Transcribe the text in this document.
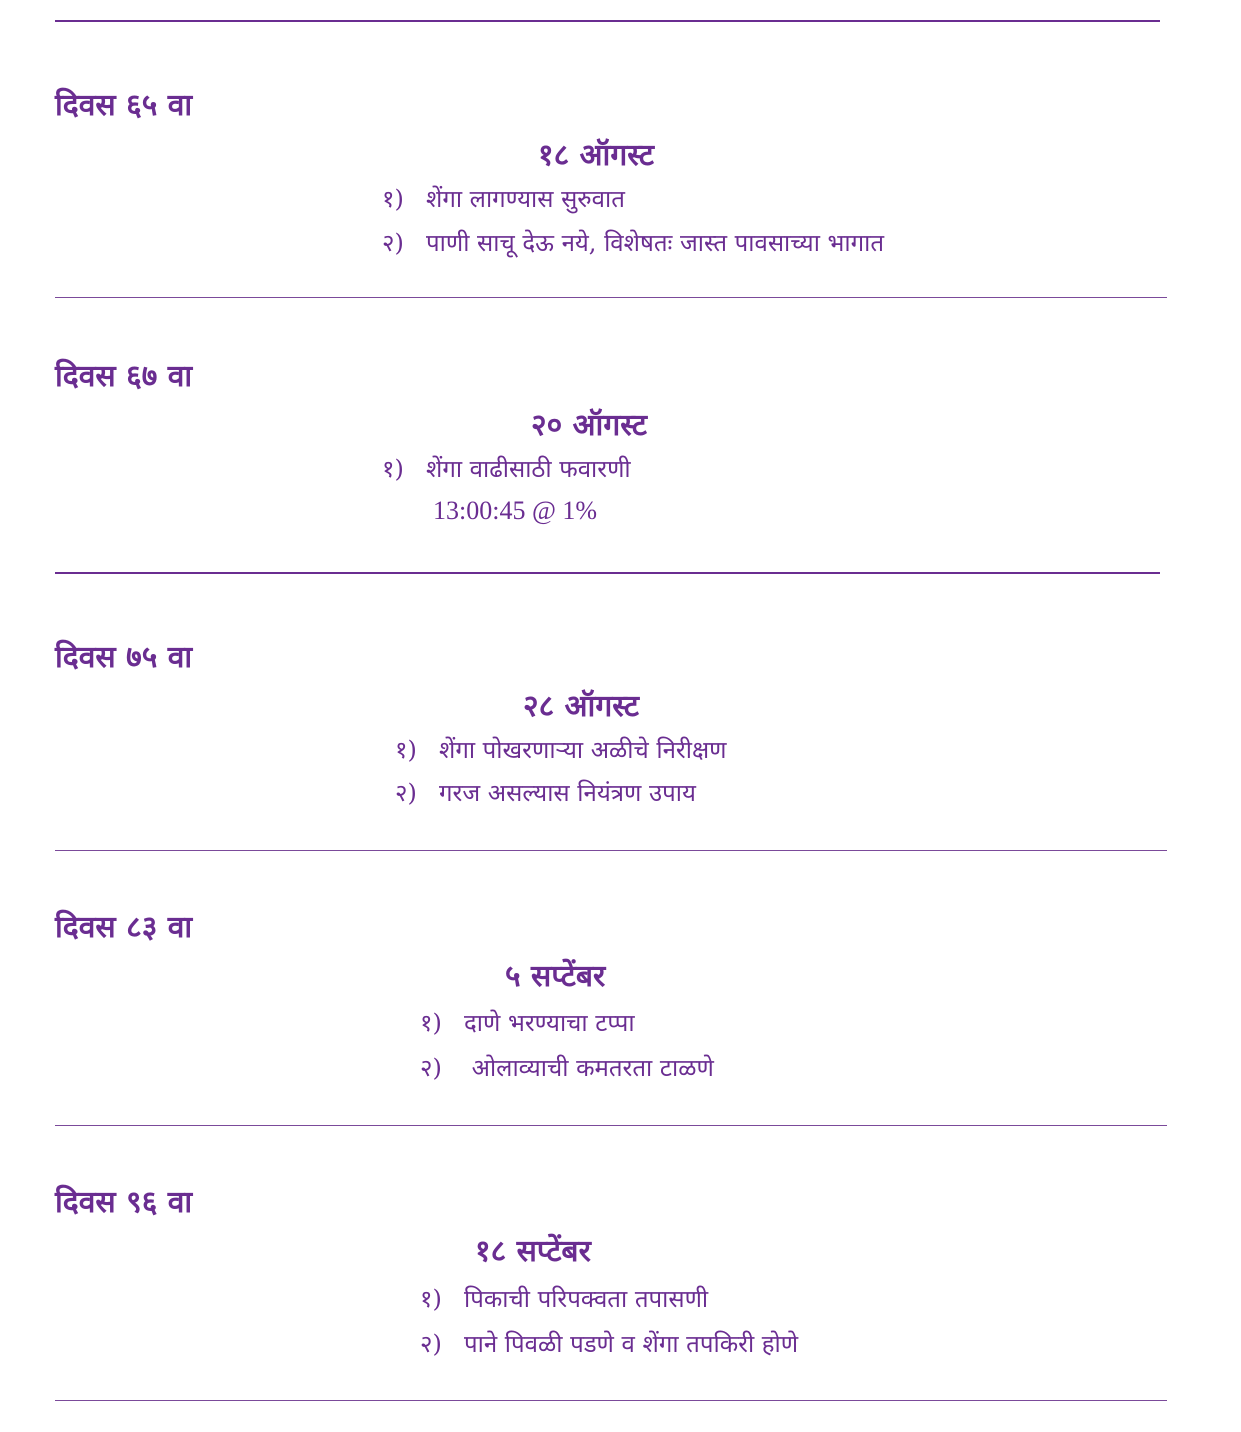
दिवस ६५ वा
१८ ऑगस्ट
१) शेंगा लागण्यास सुरुवात
२) पाणी साचू देऊ नये, विशेषतः जास्त पावसाच्या भागात
दिवस ६७ वा
२० ऑगस्ट
१) शेंगा वाढीसाठी फवारणी
13:00:45 @ 1%
दिवस ७५ वा
२८ ऑगस्ट
१) शेंगा पोखरणाऱ्या अळीचे निरीक्षण
२) गरज असल्यास नियंत्रण उपाय
दिवस ८३ वा
५ सप्टेंबर
१) दाणे भरण्याचा टप्पा
२) ओलाव्याची कमतरता टाळणे
दिवस ९६ वा
१८ सप्टेंबर
१) पिकाची परिपक्वता तपासणी
२) पाने पिवळी पडणे व शेंगा तपकिरी होणे
